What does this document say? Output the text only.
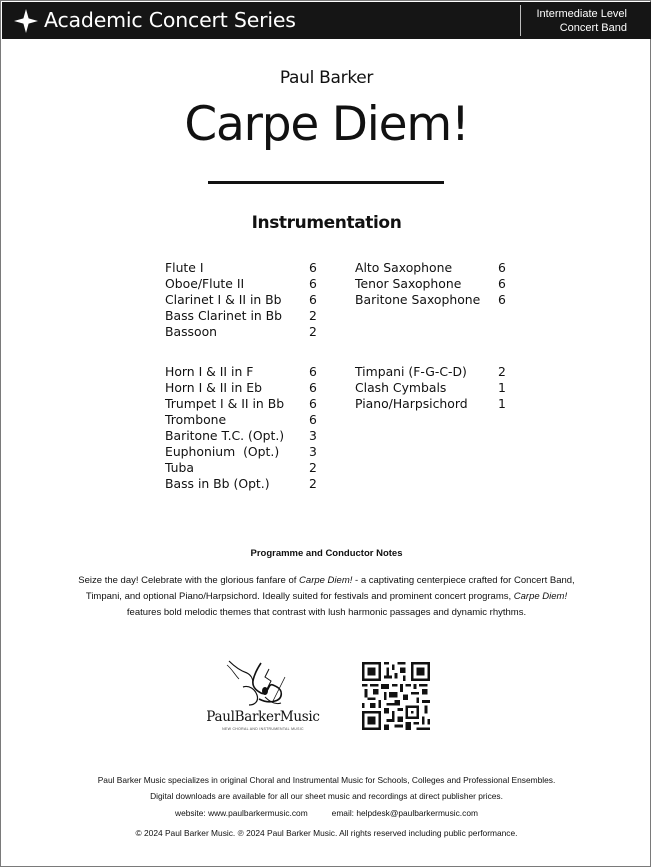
Academic Concert Series	Intermediate Level
Concert Band
Paul Barker
Carpe Diem!
Instrumentation
Flute I	6
Oboe/Flute II	6
Clarinet I & II in Bb 6
Bass Clarinet in Bb 2
Bassoon	2
Alto Saxophone	6
Tenor Saxophone	6
Baritone Saxophone 6
Horn I & II in F	6
Horn I & II in Eb	6
Trumpet I & II in Bb 6
Trombone	6
Baritone T.C. (Opt.) 3
Euphonium  (Opt.) 3
Tuba	2
Bass in Bb (Opt.)	2
Timpani (F-G-C-D)	2
Clash Cymbals	1
Piano/Harpsichord 1
Programme and Conductor Notes
Seize the day! Celebrate with the glorious fanfare of Carpe Diem! - a captivating centerpiece crafted for Concert Band,
Timpani, and optional Piano/Harpsichord. Ideally suited for festivals and prominent concert programs, Carpe Diem!
features bold melodic themes that contrast with lush harmonic passages and dynamic rhythms.
PaulBarkerMusic
NEW CHORAL AND INSTRUMENTAL MUSIC
Paul Barker Music specializes in original Choral and Instrumental Music for Schools, Colleges and Professional Ensembles.
Digital downloads are available for all our sheet music and recordings at direct publisher prices.
website: www.paulbarkermusic.com	email: helpdesk@paulbarkermusic.com
© 2024 Paul Barker Music. ℗ 2024 Paul Barker Music. All rights reserved including public performance.
